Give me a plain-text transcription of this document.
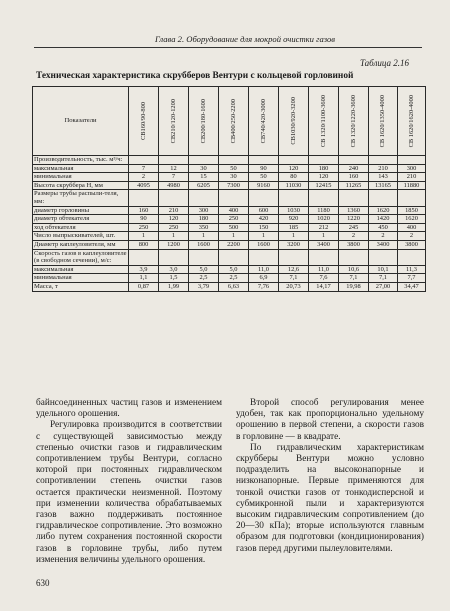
Глава 2. Оборудование для мокрой очистки газов
Таблица 2.16
Техническая характеристика скрубберов Вентури с кольцевой горловиной
Показатели	СВ160/90-800	СВ210/120-1200	СВ200/180-1600	СВ400/250-2200	СВ740/420-3000	СВ1030/920-3200	СВ 1320/1100-3600	СВ 1320/1220-3600	СВ 1620/1350-4000	СВ 1620/1620-4000

Производительность, тыс. м³/ч:										
максимальная	7	12	30	50	90	120	180	240	210	300
минимальная	2	7	15	30	50	80	120	160	143	210
Высота скруббера Н, мм	4095	4980	6205	7300	9160	11030	12415	11265	13165	11880
Размеры трубы распыли-теля, мм:										
диаметр горловины	160	210	300	400	600	1030	1180	1360	1620	1850
диаметр обтекателя	90	120	180	250	420	920	1020	1220	1420	1620
ход обтекателя	250	250	350	500	150	185	212	245	450	400
Число выпрыскивателей, шт.	1	1	1	1	1	1	1	2	2	2
Диаметр каплеуловителя, мм	800	1200	1600	2200	1600	3200	3400	3800	3400	3800
Скорость газов в каплеуловителе (в свободном сечении), м/с:										
максимальная	3,9	3,0	5,0	5,0	11,0	12,6	11,0	10,6	10,1	11,3
минимальная	1,1	1,5	2,5	2,5	6,9	7,1	7,6	7,1	7,1	7,7
Масса, т	0,87	1,99	3,79	6,63	7,76	20,73	14,17	19,98	27,00	34,47

байнсоединенных частиц газов и изменением удельного орошения.

Регулировка производится в соответствии с существующей зависимостью между степенью очистки газов и гидравлическим сопротивлением трубы Вентури, согласно которой при постоянных гидравлическом сопротивлении степень очистки газов остается практически неизменной. Поэтому при изменении количества обрабатываемых газов важно поддерживать постоянное гидравлическое сопротивление. Это возможно либо путем сохранения постоянной скорости газов в горловине трубы, либо путем изменения величины удельного орошения.

Второй способ регулирования менее удобен, так как пропорционально удельному орошению в первой степени, а скорости газов в горловине — в квадрате.

По гидравлическим характеристикам скрубберы Вентури можно условно подразделить на высоконапорные и низконапорные. Первые применяются для тонкой очистки газов от тонкодисперсной и субмикронной пыли и характеризуются высоким гидравлическим сопротивлением (до 20—30 кПа); вторые используются главным образом для подготовки (кондиционирования) газов перед другими пылеуловителями.

630
